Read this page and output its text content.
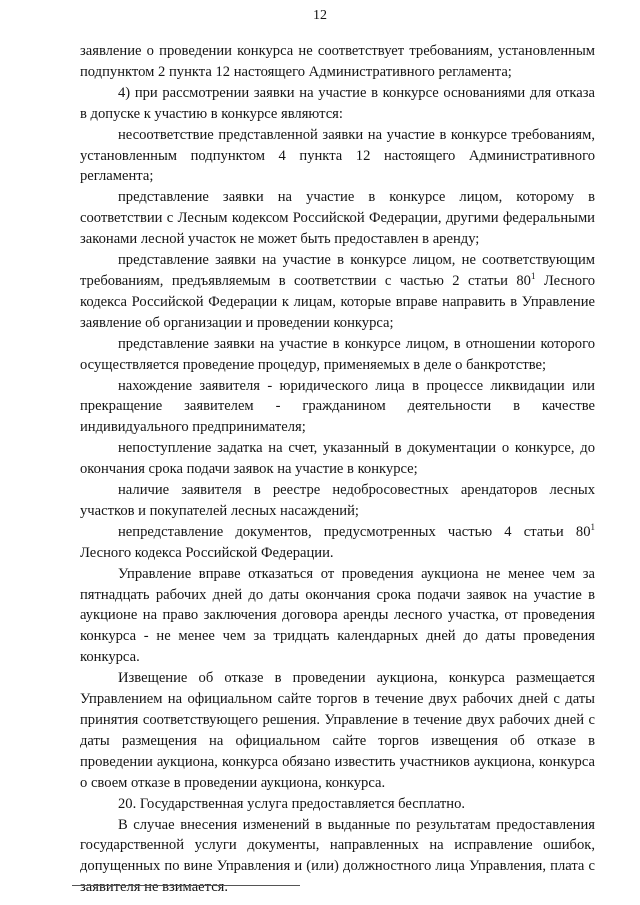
12

заявление о проведении конкурса не соответствует требованиям, установленным подпунктом 2 пункта 12 настоящего Административного регламента;

4) при рассмотрении заявки на участие в конкурсе основаниями для отказа в допуске к участию в конкурсе являются:

несоответствие представленной заявки на участие в конкурсе требованиям, установленным подпунктом 4 пункта 12 настоящего Административного регламента;

представление заявки на участие в конкурсе лицом, которому в соответствии с Лесным кодексом Российской Федерации, другими федеральными законами лесной участок не может быть предоставлен в аренду;

представление заявки на участие в конкурсе лицом, не соответствующим требованиям, предъявляемым в соответствии с частью 2 статьи $80^1$ Лесного кодекса Российской Федерации к лицам, которые вправе направить в Управление заявление об организации и проведении конкурса;

представление заявки на участие в конкурсе лицом, в отношении которого осуществляется проведение процедур, применяемых в деле о банкротстве;

нахождение заявителя - юридического лица в процессе ликвидации или прекращение заявителем - гражданином деятельности в качестве индивидуального предпринимателя;

непоступление задатка на счет, указанный в документации о конкурсе, до окончания срока подачи заявок на участие в конкурсе;

наличие заявителя в реестре недобросовестных арендаторов лесных участков и покупателей лесных насаждений;

непредставление документов, предусмотренных частью 4 статьи $80^1$ Лесного кодекса Российской Федерации.

Управление вправе отказаться от проведения аукциона не менее чем за пятнадцать рабочих дней до даты окончания срока подачи заявок на участие в аукционе на право заключения договора аренды лесного участка, от проведения конкурса - не менее чем за тридцать календарных дней до даты проведения конкурса.

Извещение об отказе в проведении аукциона, конкурса размещается Управлением на официальном сайте торгов в течение двух рабочих дней с даты принятия соответствующего решения. Управление в течение двух рабочих дней с даты размещения на официальном сайте торгов извещения об отказе в проведении аукциона, конкурса обязано известить участников аукциона, конкурса о своем отказе в проведении аукциона, конкурса.

20. Государственная услуга предоставляется бесплатно.

В случае внесения изменений в выданные по результатам предоставления государственной услуги документы, направленных на исправление ошибок, допущенных по вине Управления и (или) должностного лица Управления, плата с заявителя не взимается.
